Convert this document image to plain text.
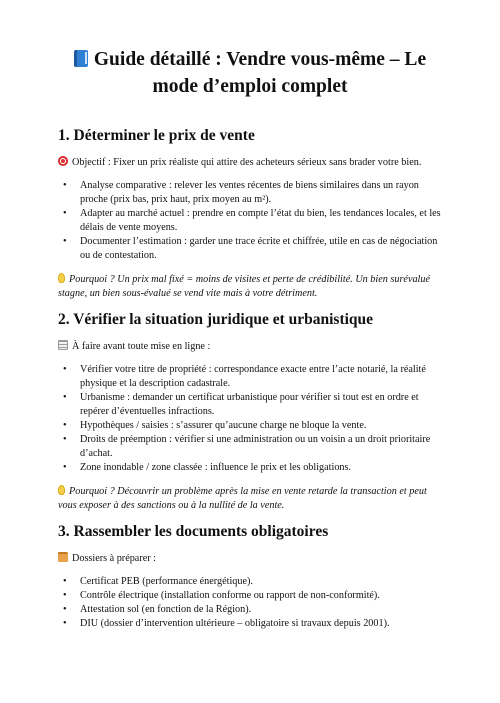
Guide détaillé : Vendre vous-même – Le mode d’emploi complet
1. Déterminer le prix de vente

Objectif : Fixer un prix réaliste qui attire des acheteurs sérieux sans brader votre bien.

• Analyse comparative : relever les ventes récentes de biens similaires dans un rayon proche (prix bas, prix haut, prix moyen au m²).
• Adapter au marché actuel : prendre en compte l’état du bien, les tendances locales, et les délais de vente moyens.
• Documenter l’estimation : garder une trace écrite et chiffrée, utile en cas de négociation ou de contestation.

Pourquoi ? Un prix mal fixé = moins de visites et perte de crédibilité. Un bien surévalué stagne, un bien sous-évalué se vend vite mais à votre détriment.

2. Vérifier la situation juridique et urbanistique

À faire avant toute mise en ligne :

• Vérifier votre titre de propriété : correspondance exacte entre l’acte notarié, la réalité physique et la description cadastrale.
• Urbanisme : demander un certificat urbanistique pour vérifier si tout est en ordre et repérer d’éventuelles infractions.
• Hypothèques / saisies : s’assurer qu’aucune charge ne bloque la vente.
• Droits de préemption : vérifier si une administration ou un voisin a un droit prioritaire d’achat.
• Zone inondable / zone classée : influence le prix et les obligations.

Pourquoi ? Découvrir un problème après la mise en vente retarde la transaction et peut vous exposer à des sanctions ou à la nullité de la vente.

3. Rassembler les documents obligatoires

Dossiers à préparer :

• Certificat PEB (performance énergétique).
• Contrôle électrique (installation conforme ou rapport de non-conformité).
• Attestation sol (en fonction de la Région).
• DIU (dossier d’intervention ultérieure – obligatoire si travaux depuis 2001).
